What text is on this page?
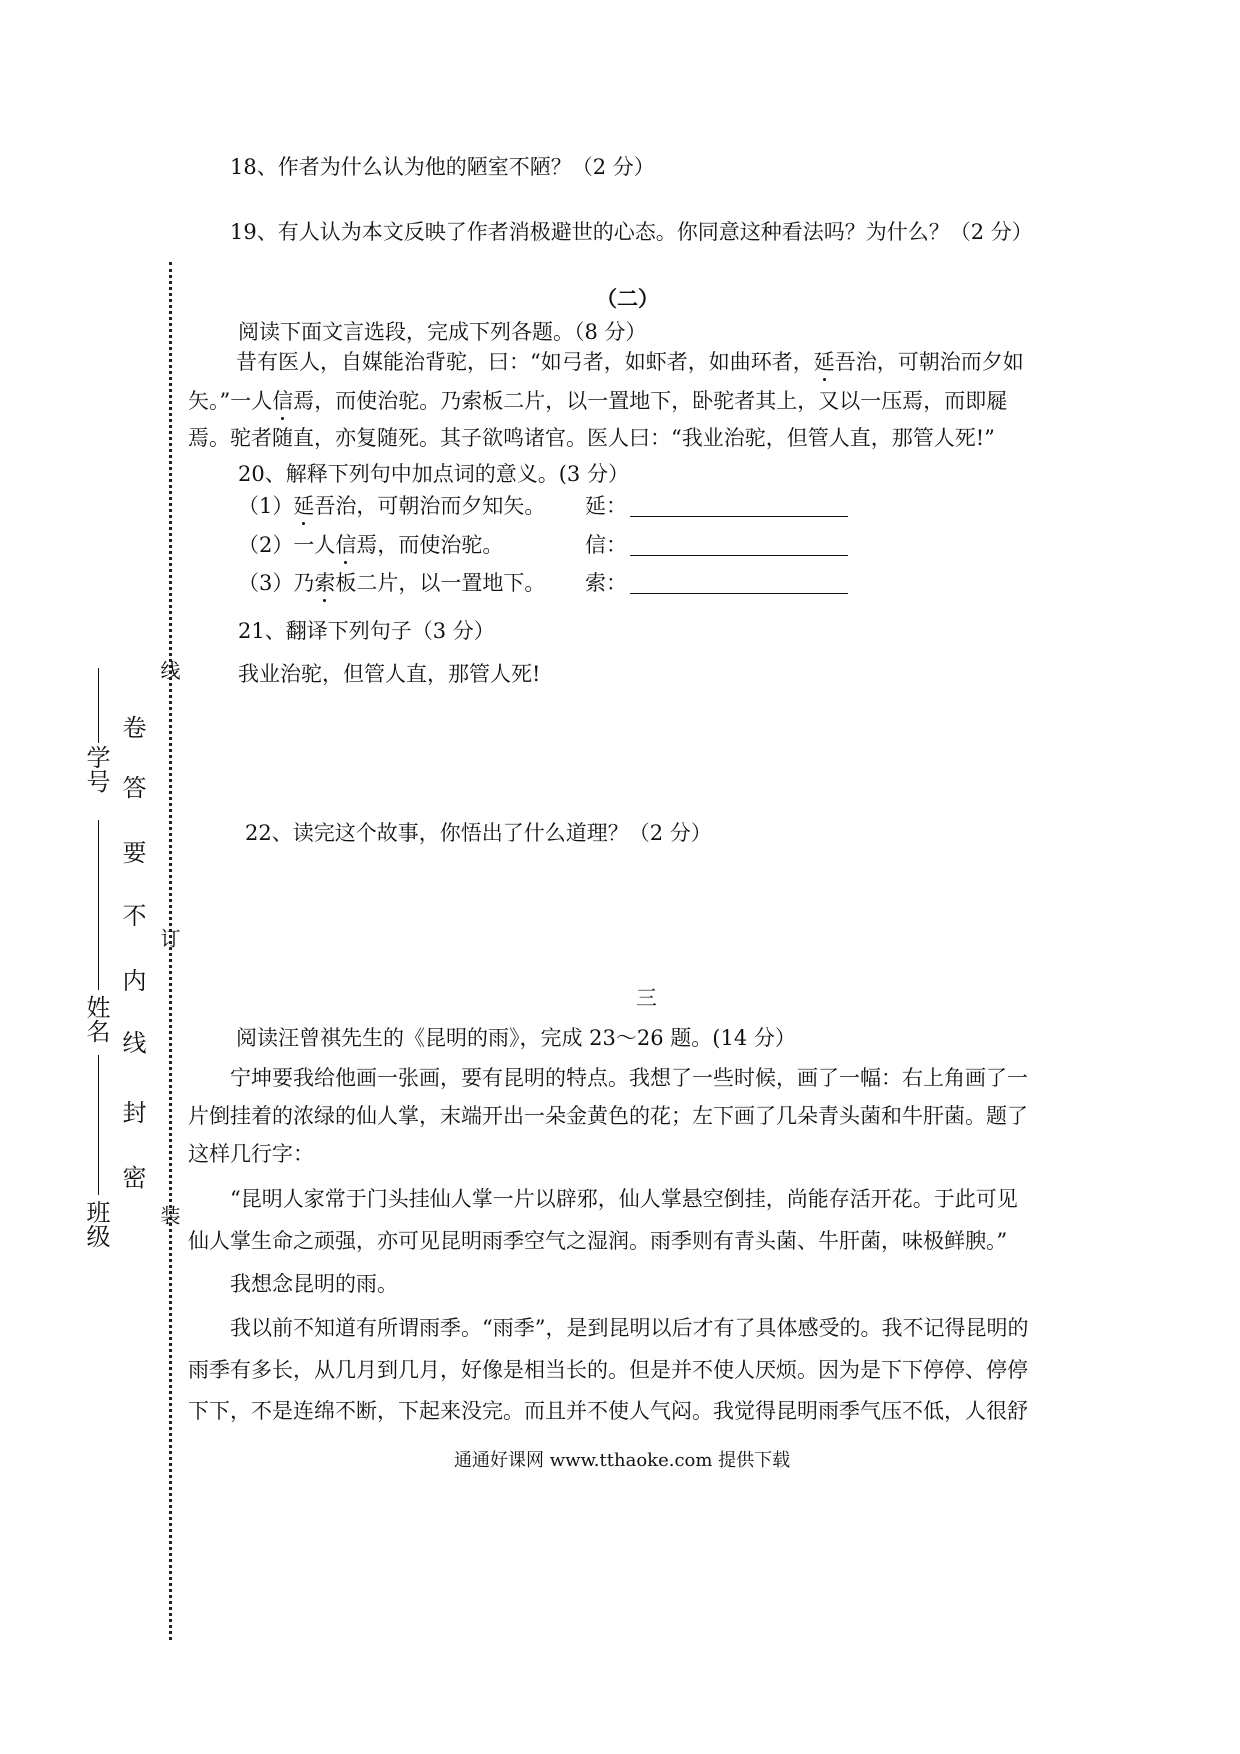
线
订
装
班级
姓名
学号
密
封
线
内
不
要
答
卷
18、作者为什么认为他的陋室不陋？（2 分）
19、有人认为本文反映了作者消极避世的心态。你同意这种看法吗？为什么？（2 分）
（二）
阅读下面文言选段，完成下列各题。（8 分）
昔有医人，自媒能治背驼，曰：“如弓者，如虾者，如曲环者，延吾治，可朝治而夕如
矢。”一人信焉，而使治驼。乃索板二片，以一置地下，卧驼者其上，又以一压焉，而即屣
焉。驼者随直，亦复随死。其子欲鸣诸官。医人曰：“我业治驼，但管人直，那管人死!”
20、解释下列句中加点词的意义。(3 分）
（1）延吾治，可朝治而夕知矢。 延：
（2）一人信焉，而使治驼。	信：
（3）乃索板二片，以一置地下。 索：
21、翻译下列句子（3 分）
我业治驼，但管人直，那管人死!
22、读完这个故事，你悟出了什么道理？（2 分）
三
阅读汪曾祺先生的《昆明的雨》，完成 23～26 题。(14 分）
宁坤要我给他画一张画，要有昆明的特点。我想了一些时候，画了一幅：右上角画了一
片倒挂着的浓绿的仙人掌，末端开出一朵金黄色的花；左下画了几朵青头菌和牛肝菌。题了
这样几行字：
“昆明人家常于门头挂仙人掌一片以辟邪，仙人掌悬空倒挂，尚能存活开花。于此可见
仙人掌生命之顽强，亦可见昆明雨季空气之湿润。雨季则有青头菌、牛肝菌，味极鲜腴。”
我想念昆明的雨。
我以前不知道有所谓雨季。“雨季”，是到昆明以后才有了具体感受的。我不记得昆明的
雨季有多长，从几月到几月，好像是相当长的。但是并不使人厌烦。因为是下下停停、停停
下下，不是连绵不断，下起来没完。而且并不使人气闷。我觉得昆明雨季气压不低，人很舒
通通好课网 www.tthaoke.com 提供下载
